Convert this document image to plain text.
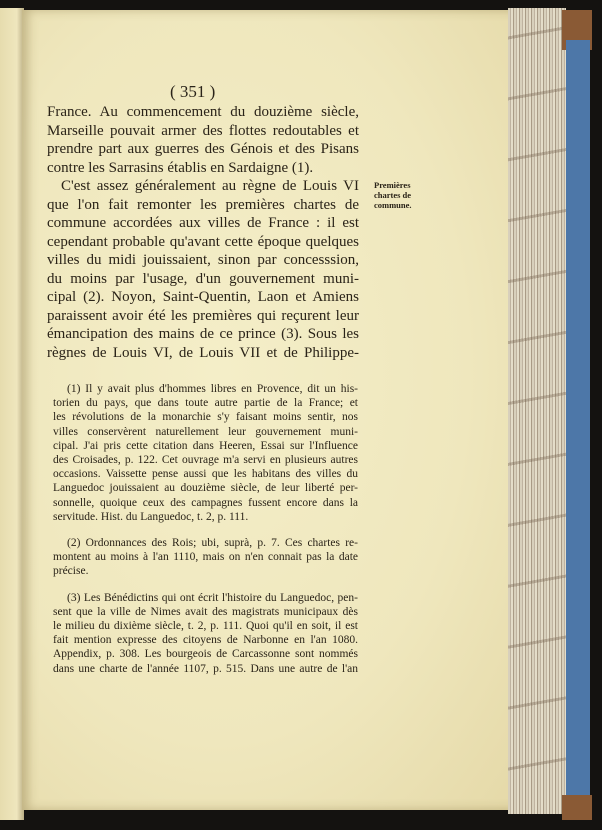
( 351 )
France. Au commencement du douzième siècle,
Marseille pouvait armer des flottes redoutables et
prendre part aux guerres des Génois et des Pisans
contre les Sarrasins établis en Sardaigne (1).
C'est assez généralement au règne de Louis VI
que l'on fait remonter les premières chartes de
commune accordées aux villes de France : il est
cependant probable qu'avant cette époque quelques
villes du midi jouissaient, sinon par concesssion,
du moins par l'usage, d'un gouvernement muni-
cipal (2). Noyon, Saint-Quentin, Laon et Amiens
paraissent avoir été les premières qui reçurent leur
émancipation des mains de ce prince (3). Sous les
règnes de Louis VI, de Louis VII et de Philippe-
Premières
chartes de
commune.
(1) Il y avait plus d'hommes libres en Provence, dit un his-
torien du pays, que dans toute autre partie de la France; et
les révolutions de la monarchie s'y faisant moins sentir, nos
villes conservèrent naturellement leur gouvernement muni-
cipal. J'ai pris cette citation dans Heeren, Essai sur l'Influence
des Croisades, p. 122. Cet ouvrage m'a servi en plusieurs autres
occasions. Vaissette pense aussi que les habitans des villes du
Languedoc jouissaient au douzième siècle, de leur liberté per-
sonnelle, quoique ceux des campagnes fussent encore dans la
servitude. Hist. du Languedoc, t. 2, p. 111.
(2) Ordonnances des Rois; ubi, suprà, p. 7. Ces chartes re-
montent au moins à l'an 1110, mais on n'en connait pas la date
précise.
(3) Les Bénédictins qui ont écrit l'histoire du Languedoc, pen-
sent que la ville de Nimes avait des magistrats municipaux dès
le milieu du dixième siècle, t. 2, p. 111. Quoi qu'il en soit, il est
fait mention expresse des citoyens de Narbonne en l'an 1080.
Appendix, p. 308. Les bourgeois de Carcassonne sont nommés
dans une charte de l'année 1107, p. 515. Dans une autre de l'an
